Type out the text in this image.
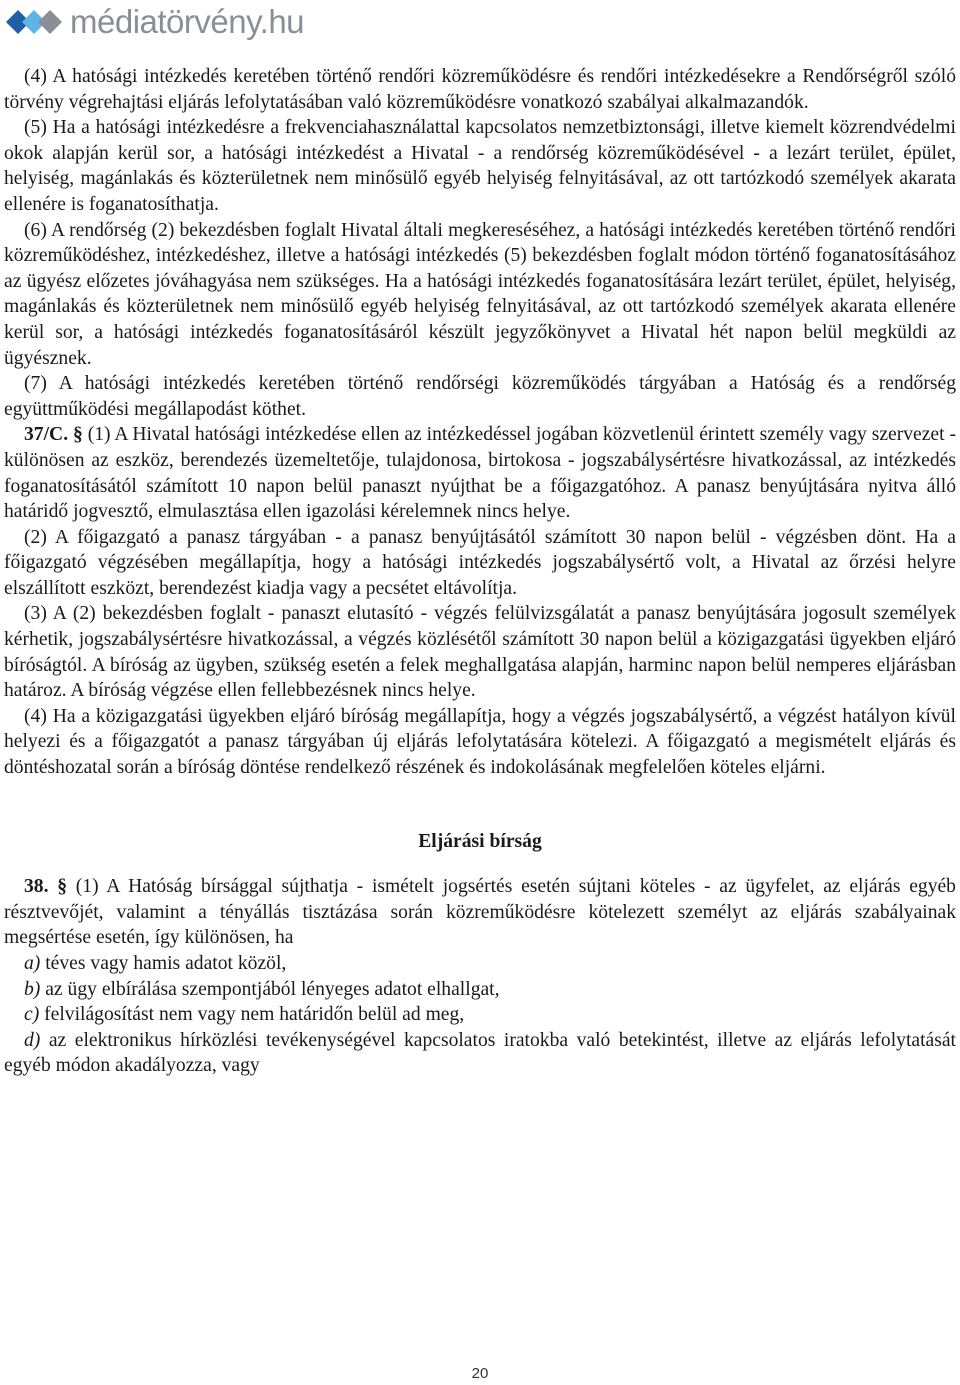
médiatörvény.hu

(4) A hatósági intézkedés keretében történő rendőri közreműködésre és rendőri intézkedésekre a Rendőrségről szóló törvény végrehajtási eljárás lefolytatásában való közreműködésre vonatkozó szabályai alkalmazandók.

(5) Ha a hatósági intézkedésre a frekvenciahasználattal kapcsolatos nemzetbiztonsági, illetve kiemelt közrendvédelmi okok alapján kerül sor, a hatósági intézkedést a Hivatal - a rendőrség közreműködésével - a lezárt terület, épület, helyiség, magánlakás és közterületnek nem minősülő egyéb helyiség felnyitásával, az ott tartózkodó személyek akarata ellenére is foganatosíthatja.

(6) A rendőrség (2) bekezdésben foglalt Hivatal általi megkereséséhez, a hatósági intézkedés keretében történő rendőri közreműködéshez, intézkedéshez, illetve a hatósági intézkedés (5) bekezdésben foglalt módon történő foganatosításához az ügyész előzetes jóváhagyása nem szükséges. Ha a hatósági intézkedés foganatosítására lezárt terület, épület, helyiség, magánlakás és közterületnek nem minősülő egyéb helyiség felnyitásával, az ott tartózkodó személyek akarata ellenére kerül sor, a hatósági intézkedés foganatosításáról készült jegyzőkönyvet a Hivatal hét napon belül megküldi az ügyésznek.

(7) A hatósági intézkedés keretében történő rendőrségi közreműködés tárgyában a Hatóság és a rendőrség együttműködési megállapodást köthet.

37/C. § (1) A Hivatal hatósági intézkedése ellen az intézkedéssel jogában közvetlenül érintett személy vagy szervezet - különösen az eszköz, berendezés üzemeltetője, tulajdonosa, birtokosa - jogszabálysértésre hivatkozással, az intézkedés foganatosításától számított 10 napon belül panaszt nyújthat be a főigazgatóhoz. A panasz benyújtására nyitva álló határidő jogvesztő, elmulasztása ellen igazolási kérelemnek nincs helye.

(2) A főigazgató a panasz tárgyában - a panasz benyújtásától számított 30 napon belül - végzésben dönt. Ha a főigazgató végzésében megállapítja, hogy a hatósági intézkedés jogszabálysértő volt, a Hivatal az őrzési helyre elszállított eszközt, berendezést kiadja vagy a pecsétet eltávolítja.

(3) A (2) bekezdésben foglalt - panaszt elutasító - végzés felülvizsgálatát a panasz benyújtására jogosult személyek kérhetik, jogszabálysértésre hivatkozással, a végzés közlésétől számított 30 napon belül a közigazgatási ügyekben eljáró bíróságtól. A bíróság az ügyben, szükség esetén a felek meghallgatása alapján, harminc napon belül nemperes eljárásban határoz. A bíróság végzése ellen fellebbezésnek nincs helye.

(4) Ha a közigazgatási ügyekben eljáró bíróság megállapítja, hogy a végzés jogszabálysértő, a végzést hatályon kívül helyezi és a főigazgatót a panasz tárgyában új eljárás lefolytatására kötelezi. A főigazgató a megismételt eljárás és döntéshozatal során a bíróság döntése rendelkező részének és indokolásának megfelelően köteles eljárni.

Eljárási bírság

38. § (1) A Hatóság bírsággal sújthatja - ismételt jogsértés esetén sújtani köteles - az ügyfelet, az eljárás egyéb résztvevőjét, valamint a tényállás tisztázása során közreműködésre kötelezett személyt az eljárás szabályainak megsértése esetén, így különösen, ha

a) téves vagy hamis adatot közöl,

b) az ügy elbírálása szempontjából lényeges adatot elhallgat,

c) felvilágosítást nem vagy nem határidőn belül ad meg,

d) az elektronikus hírközlési tevékenységével kapcsolatos iratokba való betekintést, illetve az eljárás lefolytatását egyéb módon akadályozza, vagy

20
